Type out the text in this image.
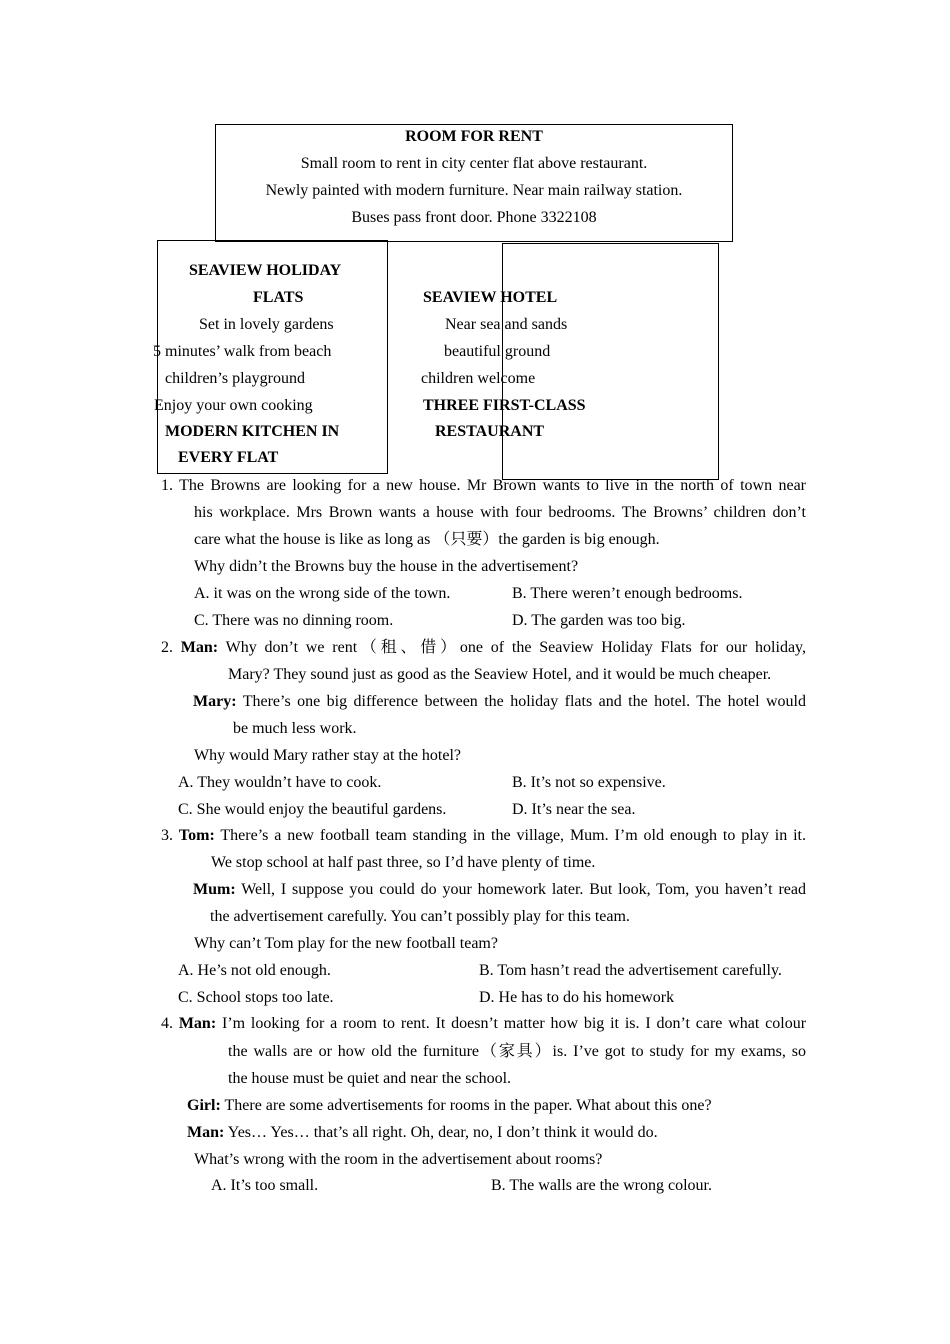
ROOM FOR RENT
Small room to rent in city center flat above restaurant.
Newly painted with modern furniture. Near main railway station.
Buses pass front door. Phone 3322108
SEAVIEW HOLIDAY
FLATS
Set in lovely gardens
5 minutes’ walk from beach
children’s playground
Enjoy your own cooking
MODERN KITCHEN IN
EVERY FLAT
SEAVIEW HOTEL
Near sea and sands
beautiful ground
children welcome
THREE FIRST-CLASS
RESTAURANT
1. The Browns are looking for a new house. Mr Brown wants to live in the north of town near
his workplace. Mrs Brown wants a house with four bedrooms. The Browns’ children don’t
care what the house is like as long as （只要）the garden is big enough.
Why didn’t the Browns buy the house in the advertisement?
A. it was on the wrong side of the town.	B. There weren’t enough bedrooms.
C. There was no dinning room.	D. The garden was too big.
2. Man: Why don’t we rent（租、借）one of the Seaview Holiday Flats for our holiday,
Mary? They sound just as good as the Seaview Hotel, and it would be much cheaper.
Mary: There’s one big difference between the holiday flats and the hotel. The hotel would
be much less work.
Why would Mary rather stay at the hotel?
A. They wouldn’t have to cook.	B. It’s not so expensive.
C. She would enjoy the beautiful gardens.	D. It’s near the sea.
3. Tom: There’s a new football team standing in the village, Mum. I’m old enough to play in it.
We stop school at half past three, so I’d have plenty of time.
Mum: Well, I suppose you could do your homework later. But look, Tom, you haven’t read
the advertisement carefully. You can’t possibly play for this team.
Why can’t Tom play for the new football team?
A. He’s not old enough.	B. Tom hasn’t read the advertisement carefully.
C. School stops too late.	D. He has to do his homework
4. Man: I’m looking for a room to rent. It doesn’t matter how big it is. I don’t care what colour
the walls are or how old the furniture（家具）is. I’ve got to study for my exams, so
the house must be quiet and near the school.
Girl: There are some advertisements for rooms in the paper. What about this one?
Man: Yes… Yes… that’s all right. Oh, dear, no, I don’t think it would do.
What’s wrong with the room in the advertisement about rooms?
A. It’s too small.	B. The walls are the wrong colour.
